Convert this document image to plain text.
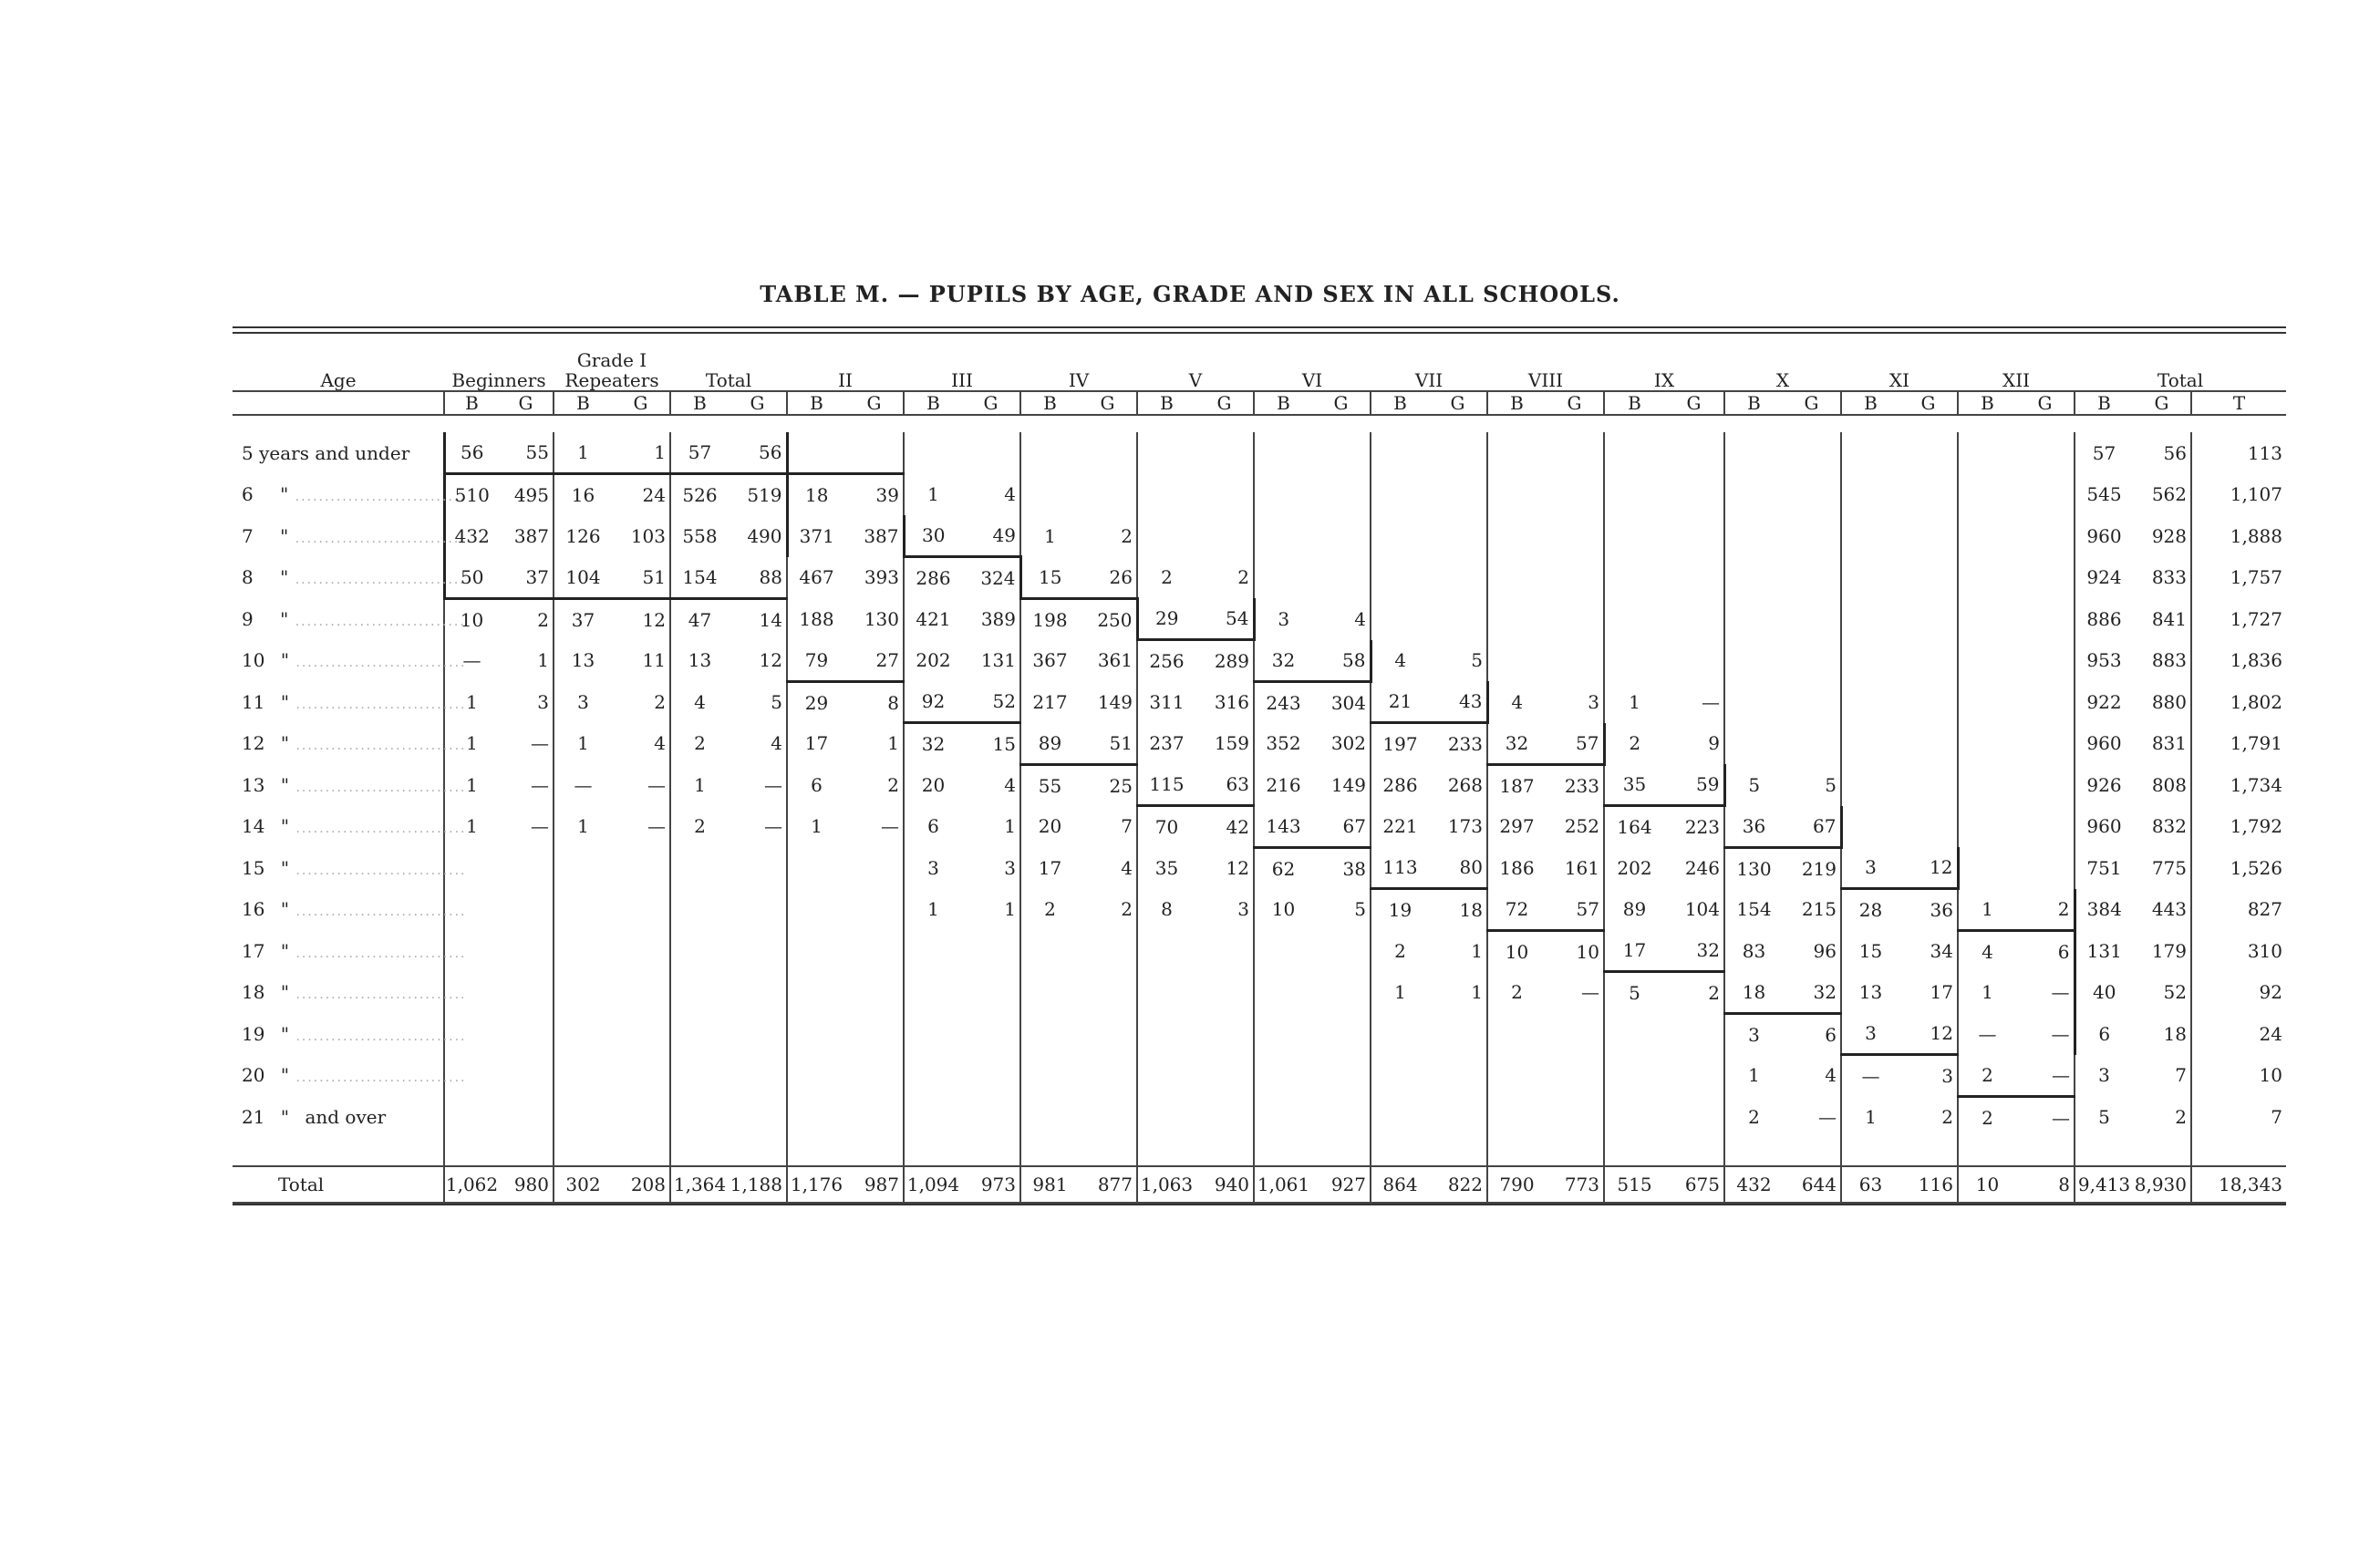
TABLE M. — PUPILS BY AGE, GRADE AND SEX IN ALL SCHOOLS.

Age	Beginners		Grade I Repeaters		Total		II		III		IV		V		VI		VII		VIII		IX		X		XI		XII		Total		
	B	G	B	G	B	G	B	G	B	G	B	G	B	G	B	G	B	G	B	G	B	G	B	G	B	G	B	G	B	G	T

5 years and under	56	55	1	1	57	56																							57	56	113
6 " .............................	510	495	16	24	526	519	18	39	1	4																			545	562	1,107
7 " .............................	432	387	126	103	558	490	371	387	30	49	1	2																	960	928	1,888
8 " .............................	50	37	104	51	154	88	467	393	286	324	15	26	2	2															924	833	1,757
9 " .............................	10	2	37	12	47	14	188	130	421	389	198	250	29	54	3	4													886	841	1,727
10 " .............................	—	1	13	11	13	12	79	27	202	131	367	361	256	289	32	58	4	5											953	883	1,836
11 " .............................	1	3	3	2	4	5	29	8	92	52	217	149	311	316	243	304	21	43	4	3	1	—							922	880	1,802
12 " .............................	1	—	1	4	2	4	17	1	32	15	89	51	237	159	352	302	197	233	32	57	2	9							960	831	1,791
13 " .............................	1	—	—	—	1	—	6	2	20	4	55	25	115	63	216	149	286	268	187	233	35	59	5	5					926	808	1,734
14 " .............................	1	—	1	—	2	—	1	—	6	1	20	7	70	42	143	67	221	173	297	252	164	223	36	67					960	832	1,792
15 " .............................									3	3	17	4	35	12	62	38	113	80	186	161	202	246	130	219	3	12			751	775	1,526
16 " .............................									1	1	2	2	8	3	10	5	19	18	72	57	89	104	154	215	28	36	1	2	384	443	827
17 " .............................																	2	1	10	10	17	32	83	96	15	34	4	6	131	179	310
18 " .............................																	1	1	2	—	5	2	18	32	13	17	1	—	40	52	92
19 " .............................																							3	6	3	12	—	—	6	18	24
20 " .............................																							1	4	—	3	2	—	3	7	10
21 " and over																							2	—	1	2	2	—	5	2	7

Total	1,062	980	302	208	1,364	1,188	1,176	987	1,094	973	981	877	1,063	940	1,061	927	864	822	790	773	515	675	432	644	63	116	10	8	9,413	8,930	18,343
